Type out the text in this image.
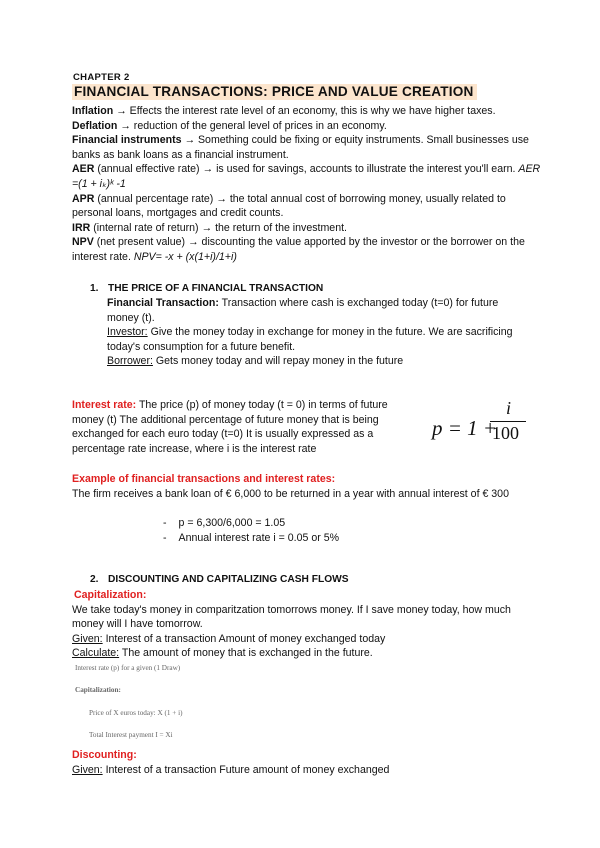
CHAPTER 2
FINANCIAL TRANSACTIONS: PRICE AND VALUE CREATION

Inflation → Effects the interest rate level of an economy, this is why we have higher taxes.

Deflation → reduction of the general level of prices in an economy.

Financial instruments → Something could be fixing or equity instruments. Small businesses use banks as bank loans as a financial instrument.

AER (annual effective rate) → is used for savings, accounts to illustrate the interest you'll earn. AER =(1 + iₖ)ᵏ -1

APR (annual percentage rate) → the total annual cost of borrowing money, usually related to personal loans, mortgages and credit counts.

IRR (internal rate of return) → the return of the investment.

NPV (net present value) → discounting the value apported by the investor or the borrower on the interest rate. NPV= -x + (x(1+i)/1+i)

1. THE PRICE OF A FINANCIAL TRANSACTION

Financial Transaction: Transaction where cash is exchanged today (t=0) for future money (t).

Investor: Give the money today in exchange for money in the future. We are sacrificing today's consumption for a future benefit.

Borrower: Gets money today and will repay money in the future

Interest rate: The price (p) of money today (t = 0) in terms of future money (t) The additional percentage of future money that is being exchanged for each euro today (t=0) It is usually expressed as a percentage rate increase, where i is the interest rate

p = 1 +
i
100

Example of financial transactions and interest rates:

The firm receives a bank loan of € 6,000 to be returned in a year with annual interest of € 300

- p = 6,300/6,000 = 1.05
- Annual interest rate i = 0.05 or 5%
2. DISCOUNTING AND CAPITALIZING CASH FLOWS

Capitalization:

We take today's money in comparitzation tomorrows money. If I save money today, how much money will I have tomorrow.

Given: Interest of a transaction Amount of money exchanged today

Calculate: The amount of money that is exchanged in the future.

Interest rate (p) for a given (1 Draw)
Capitalization:
Price of X euros today: X (1 + i)
Total Interest payment I = Xi

Discounting:

Given: Interest of a transaction Future amount of money exchanged
